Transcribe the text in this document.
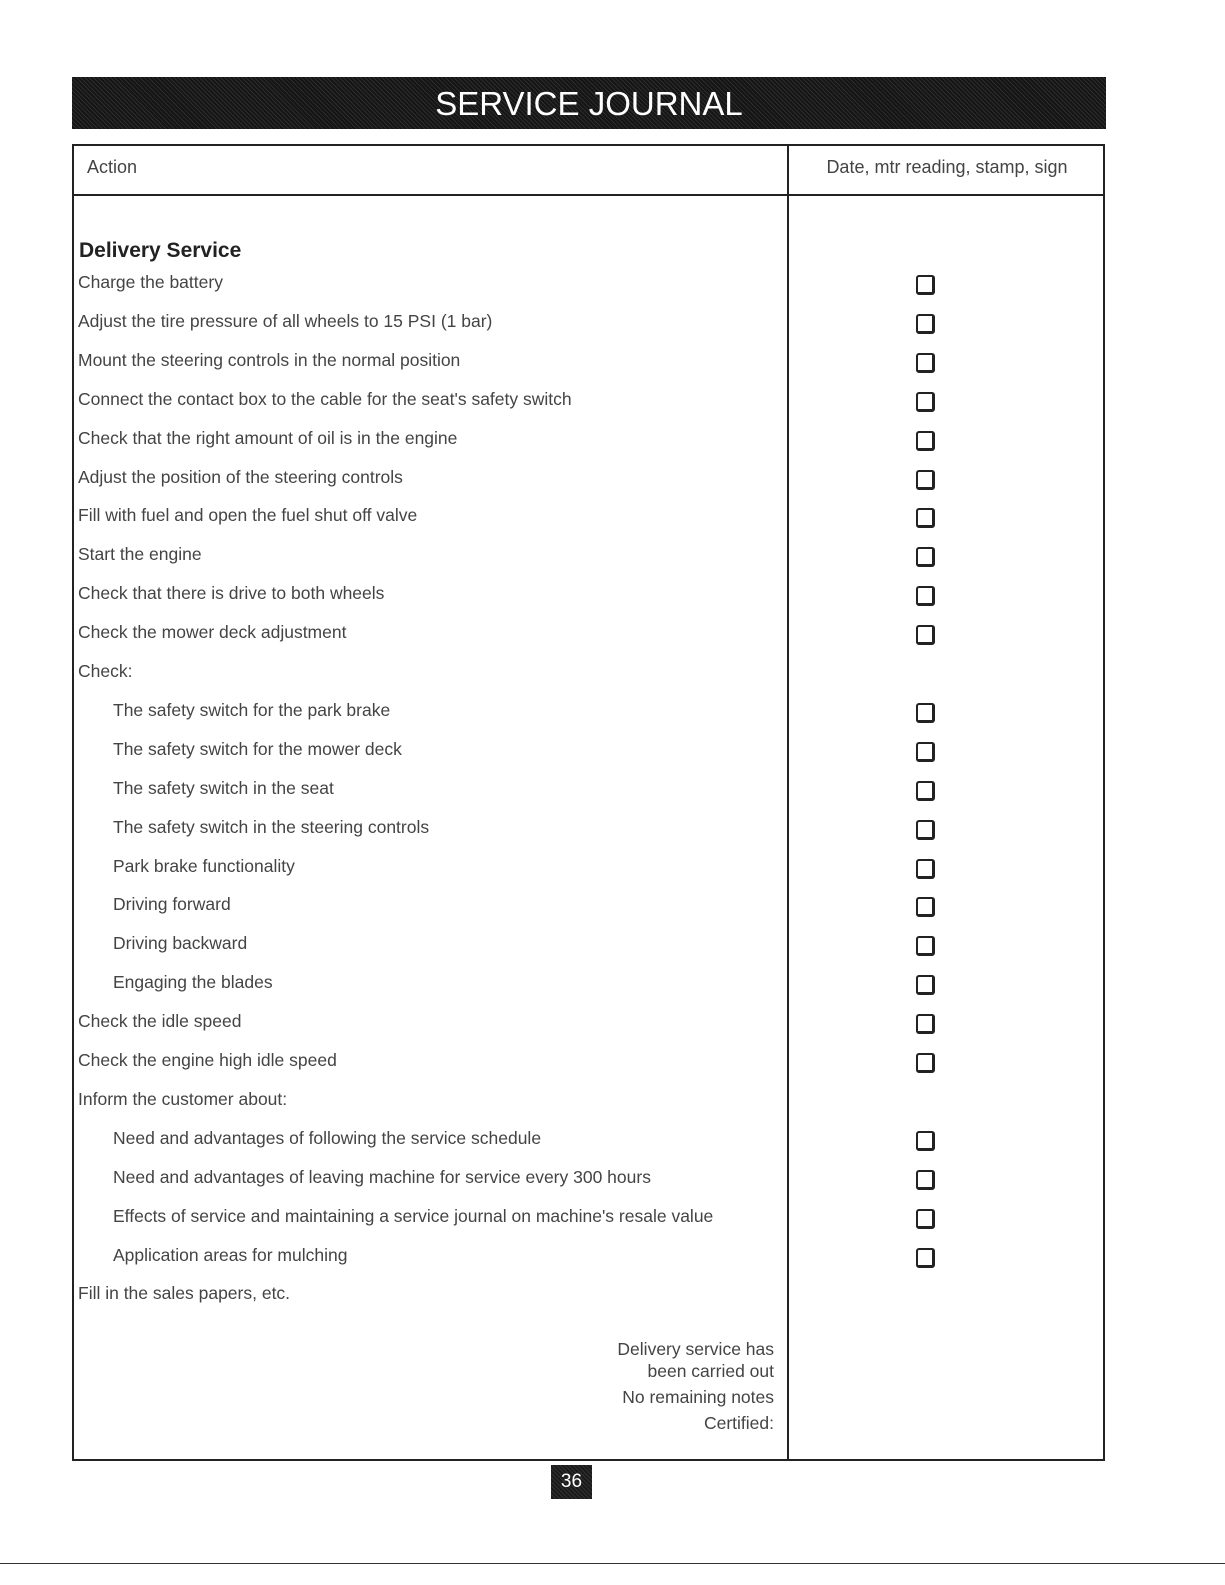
SERVICE JOURNAL
Action	Date, mtr reading, stamp, sign
Delivery Service
Charge the battery
Adjust the tire pressure of all wheels to 15 PSI (1 bar)
Mount the steering controls in the normal position
Connect the contact box to the cable for the seat's safety switch
Check that the right amount of oil is in the engine
Adjust the position of the steering controls
Fill with fuel and open the fuel shut off valve
Start the engine
Check that there is drive to both wheels
Check the mower deck adjustment
Check:
The safety switch for the park brake
The safety switch for the mower deck
The safety switch in the seat
The safety switch in the steering controls
Park brake functionality
Driving forward
Driving backward
Engaging the blades
Check the idle speed
Check the engine high idle speed
Inform the customer about:
Need and advantages of following the service schedule
Need and advantages of leaving machine for service every 300 hours
Effects of service and maintaining a service journal on machine's resale value
Application areas for mulching
Fill in the sales papers, etc.
Delivery service has
been carried out
No remaining notes
Certified:
36
